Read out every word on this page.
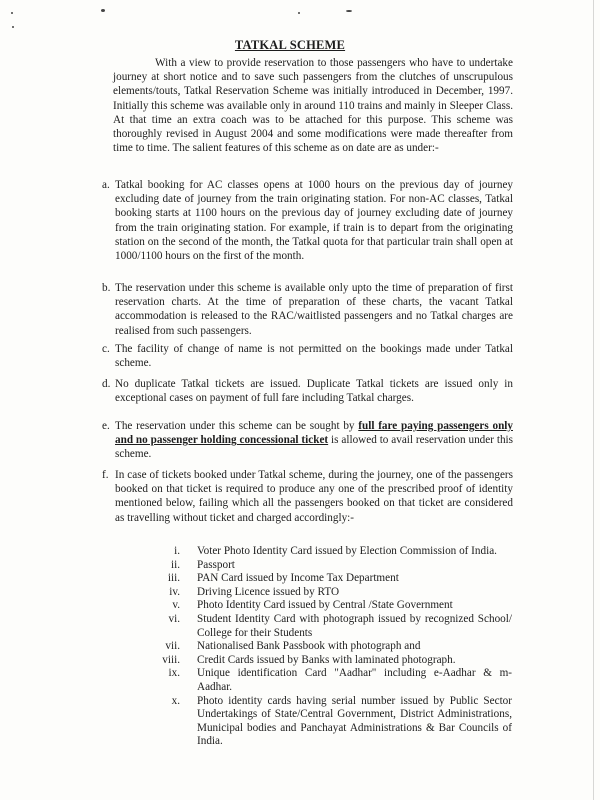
TATKAL SCHEME

With a view to provide reservation to those passengers who have to undertake journey at short notice and to save such passengers from the clutches of unscrupulous elements/touts, Tatkal Reservation Scheme was initially introduced in December, 1997. Initially this scheme was available only in around 110 trains and mainly in Sleeper Class. At that time an extra coach was to be attached for this purpose. This scheme was thoroughly revised in August 2004 and some modifications were made thereafter from time to time. The salient features of this scheme as on date are as under:-

a. Tatkal booking for AC classes opens at 1000 hours on the previous day of journey excluding date of journey from the train originating station. For non-AC classes, Tatkal booking starts at 1100 hours on the previous day of journey excluding date of journey from the train originating station. For example, if train is to depart from the originating station on the second of the month, the Tatkal quota for that particular train shall open at 1000/1100 hours on the first of the month.

b. The reservation under this scheme is available only upto the time of preparation of first reservation charts. At the time of preparation of these charts, the vacant Tatkal accommodation is released to the RAC/waitlisted passengers and no Tatkal charges are realised from such passengers.

c. The facility of change of name is not permitted on the bookings made under Tatkal scheme.

d. No duplicate Tatkal tickets are issued. Duplicate Tatkal tickets are issued only in exceptional cases on payment of full fare including Tatkal charges.

e. The reservation under this scheme can be sought by full fare paying passengers only and no passenger holding concessional ticket is allowed to avail reservation under this scheme.

f. In case of tickets booked under Tatkal scheme, during the journey, one of the passengers booked on that ticket is required to produce any one of the prescribed proof of identity mentioned below, failing which all the passengers booked on that ticket are considered as travelling without ticket and charged accordingly:-

i. Voter Photo Identity Card issued by Election Commission of India.
ii. Passport
iii. PAN Card issued by Income Tax Department
iv. Driving Licence issued by RTO
v. Photo Identity Card issued by Central /State Government
vi. Student Identity Card with photograph issued by recognized School/ College for their Students
vii. Nationalised Bank Passbook with photograph and
viii. Credit Cards issued by Banks with laminated photograph.
ix. Unique identification Card "Aadhar" including e-Aadhar & m-Aadhar.
x. Photo identity cards having serial number issued by Public Sector Undertakings of State/Central Government, District Administrations, Municipal bodies and Panchayat Administrations & Bar Councils of India.
